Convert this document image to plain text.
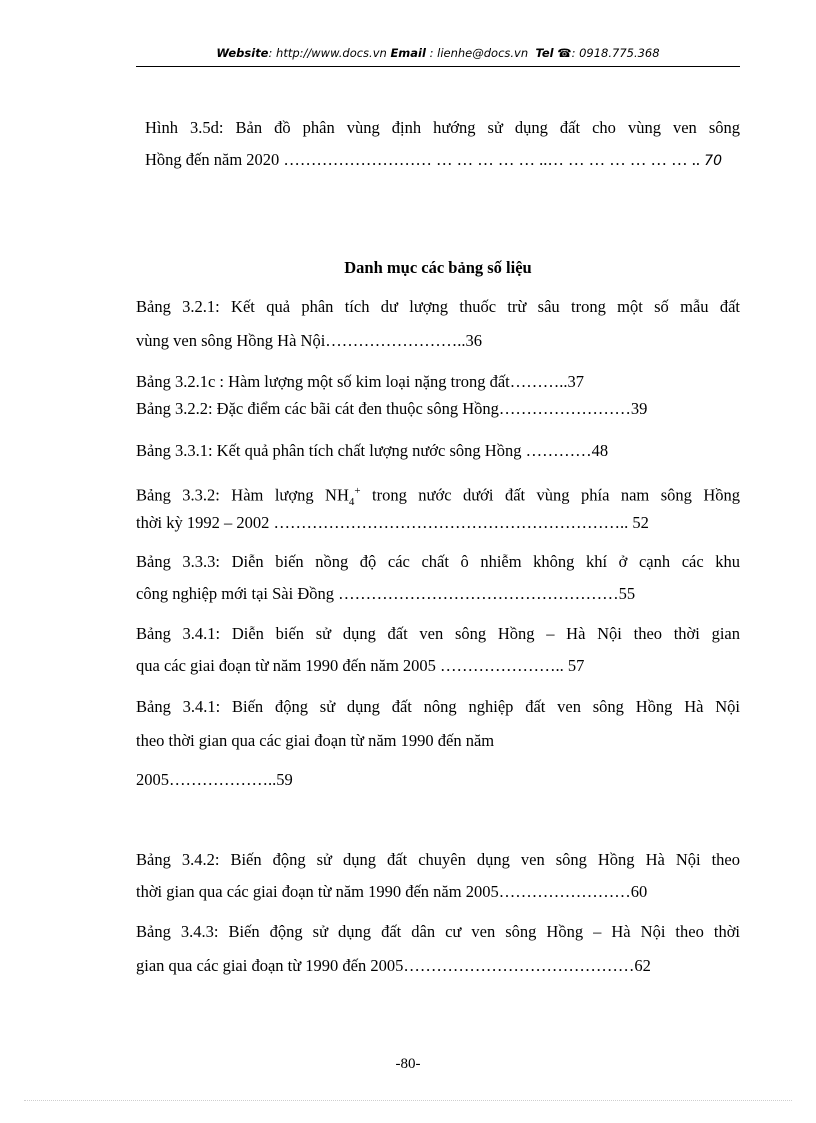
Website: http://www.docs.vn Email : lienhe@docs.vn Tel ☎: 0918.775.368
Hình 3.5d: Bản đồ phân vùng định hướng sử dụng đất cho vùng ven sông
Hồng đến năm 2020 ……………………… … … … … … ..… … … … … … … .. 70
Danh mục các bảng số liệu
Bảng 3.2.1: Kết quả phân tích dư lượng thuốc trừ sâu trong một số mẫu đất
vùng ven sông Hồng Hà Nội……………………..36
Bảng 3.2.1c : Hàm lượng một số kim loại nặng trong đất………..37
Bảng 3.2.2: Đặc điểm các bãi cát đen thuộc sông Hồng……………………39
Bảng 3.3.1: Kết quả phân tích chất lượng nước sông Hồng …………48
Bảng 3.3.2: Hàm lượng $NH_4^+$ trong nước dưới đất vùng phía nam sông Hồng
thời kỳ 1992 – 2002 ……………………………………………………….. 52
Bảng 3.3.3: Diễn biến nồng độ các chất ô nhiễm không khí ở cạnh các khu
công nghiệp mới tại Sài Đồng ……………………………………………55
Bảng 3.4.1: Diễn biến sử dụng đất ven sông Hồng – Hà Nội theo thời gian
qua các giai đoạn từ năm 1990 đến năm 2005 ………………….. 57
Bảng 3.4.1: Biến động sử dụng đất nông nghiệp đất ven sông Hồng Hà Nội
theo thời gian qua các giai đoạn từ năm 1990 đến năm
2005………………..59
Bảng 3.4.2: Biến động sử dụng đất chuyên dụng ven sông Hồng Hà Nội theo
thời gian qua các giai đoạn từ năm 1990 đến năm 2005……………………60
Bảng 3.4.3: Biến động sử dụng đất dân cư ven sông Hồng – Hà Nội theo thời
gian qua các giai đoạn từ 1990 đến 2005……………………………………62
-80-
